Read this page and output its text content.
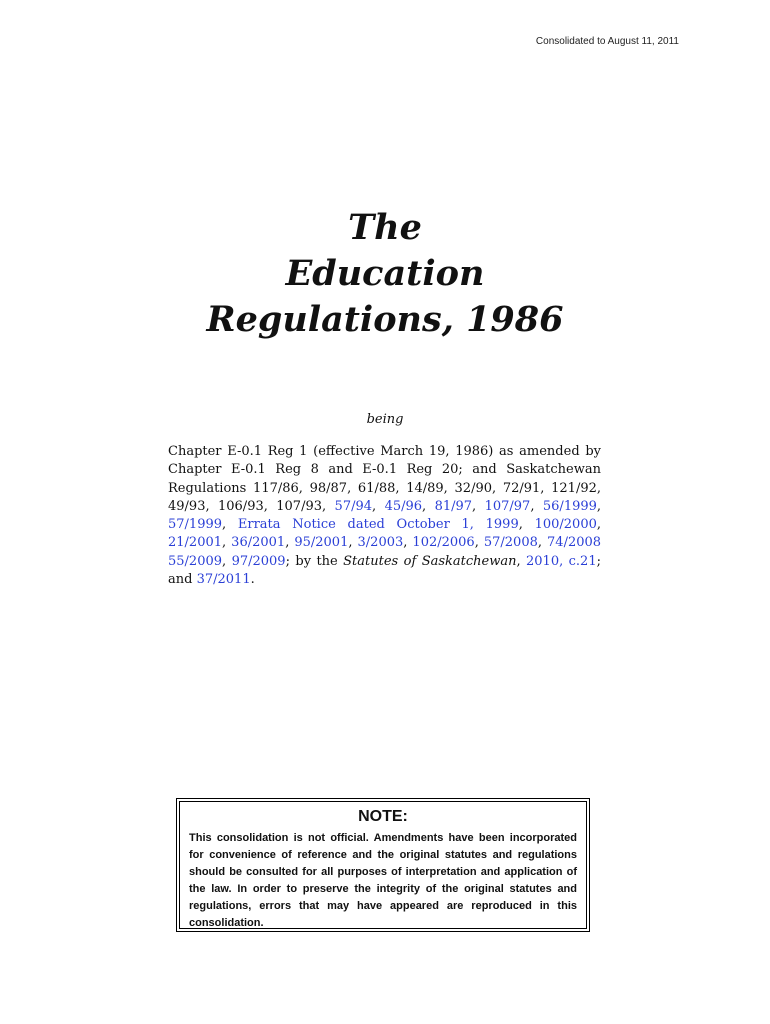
Consolidated to August 11, 2011
The
Education
Regulations, 1986
being
Chapter E-0.1 Reg 1 (effective March 19, 1986) as amended by Chapter E-0.1 Reg 8 and E-0.1 Reg 20; and Saskatchewan Regulations 117/86, 98/87, 61/88, 14/89, 32/90, 72/91, 121/92, 49/93, 106/93, 107/93, 57/94, 45/96, 81/97, 107/97, 56/1999, 57/1999, Errata Notice dated October 1, 1999, 100/2000, 21/2001, 36/2001, 95/2001, 3/2003, 102/2006, 57/2008, 74/2008 55/2009, 97/2009; by the Statutes of Saskatchewan, 2010, c.21; and 37/2011.
NOTE:
This consolidation is not official. Amendments have been incorporated for convenience of reference and the original statutes and regulations should be consulted for all purposes of interpretation and application of the law. In order to preserve the integrity of the original statutes and regulations, errors that may have appeared are reproduced in this consolidation.
